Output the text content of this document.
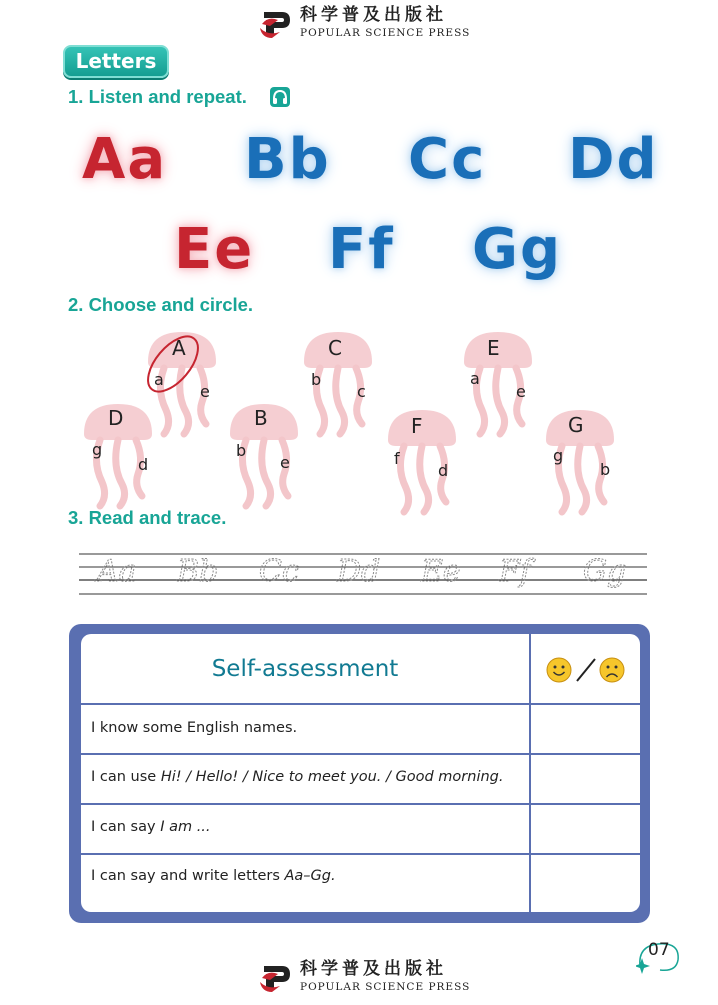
科学普及出版社
POPULAR SCIENCE PRESS
Letters
1. Listen and repeat.
Aa Bb Cc Dd
Ee Ff Gg
2. Choose and circle.
A
a
e
C
b
c
E
a
e
D
g
d
B
b
e
F
f
d
G
g
b
3. Read and trace.
Aa Bb Cc Dd Ee Ff Gg
Self-assessment
I know some English names.
I can use Hi! / Hello! / Nice to meet you. / Good morning.
I can say I am ...
I can say and write letters Aa–Gg.
07
科学普及出版社
POPULAR SCIENCE PRESS
